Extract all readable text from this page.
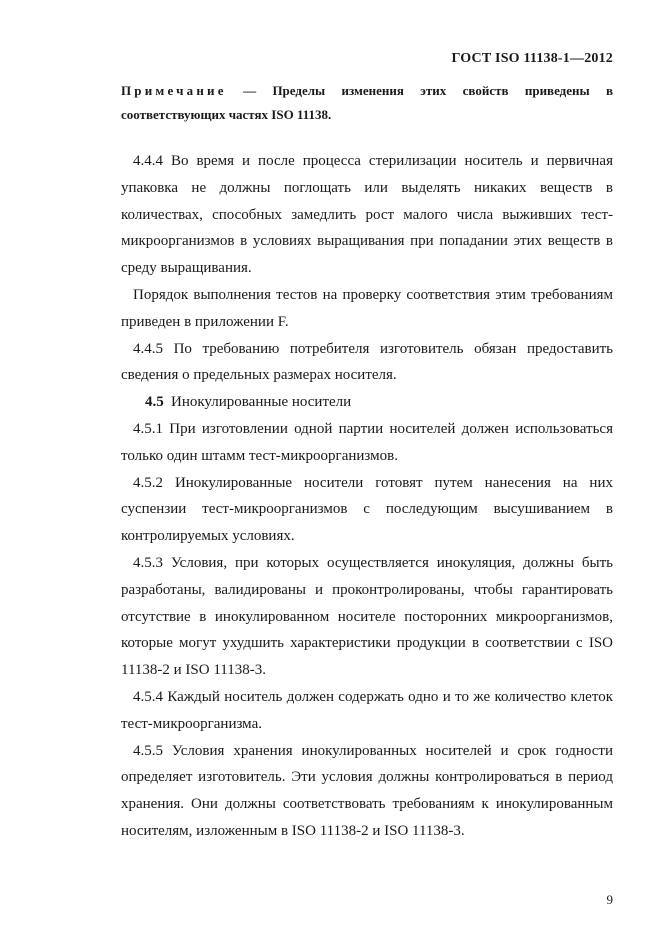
ГОСТ ISO 11138-1—2012
Примечание — Пределы изменения этих свойств приведены в
соответствующих частях ISO 11138.

4.4.4 Во время и после процесса стерилизации носитель и первичная упаковка не должны поглощать или выделять никаких веществ в количествах, способных замедлить рост малого числа выживших тест-микроорганизмов в условиях выращивания при попадании этих веществ в среду выращивания.

Порядок выполнения тестов на проверку соответствия этим требованиям приведен в приложении F.

4.4.5 По требованию потребителя изготовитель обязан предоставить сведения о предельных размерах носителя.

4.5 Инокулированные носители

4.5.1 При изготовлении одной партии носителей должен использоваться только один штамм тест-микроорганизмов.

4.5.2 Инокулированные носители готовят путем нанесения на них суспензии тест-микроорганизмов с последующим высушиванием в контролируемых условиях.

4.5.3 Условия, при которых осуществляется инокуляция, должны быть разработаны, валидированы и проконтролированы, чтобы гарантировать отсутствие в инокулированном носителе посторонних микроорганизмов, которые могут ухудшить характеристики продукции в соответствии с ISO 11138-2 и ISO 11138-3.

4.5.4 Каждый носитель должен содержать одно и то же количество клеток тест-микроорганизма.

4.5.5 Условия хранения инокулированных носителей и срок годности определяет изготовитель. Эти условия должны контролироваться в период хранения. Они должны соответствовать требованиям к инокулированным носителям, изложенным в ISO 11138-2 и ISO 11138-3.

9
